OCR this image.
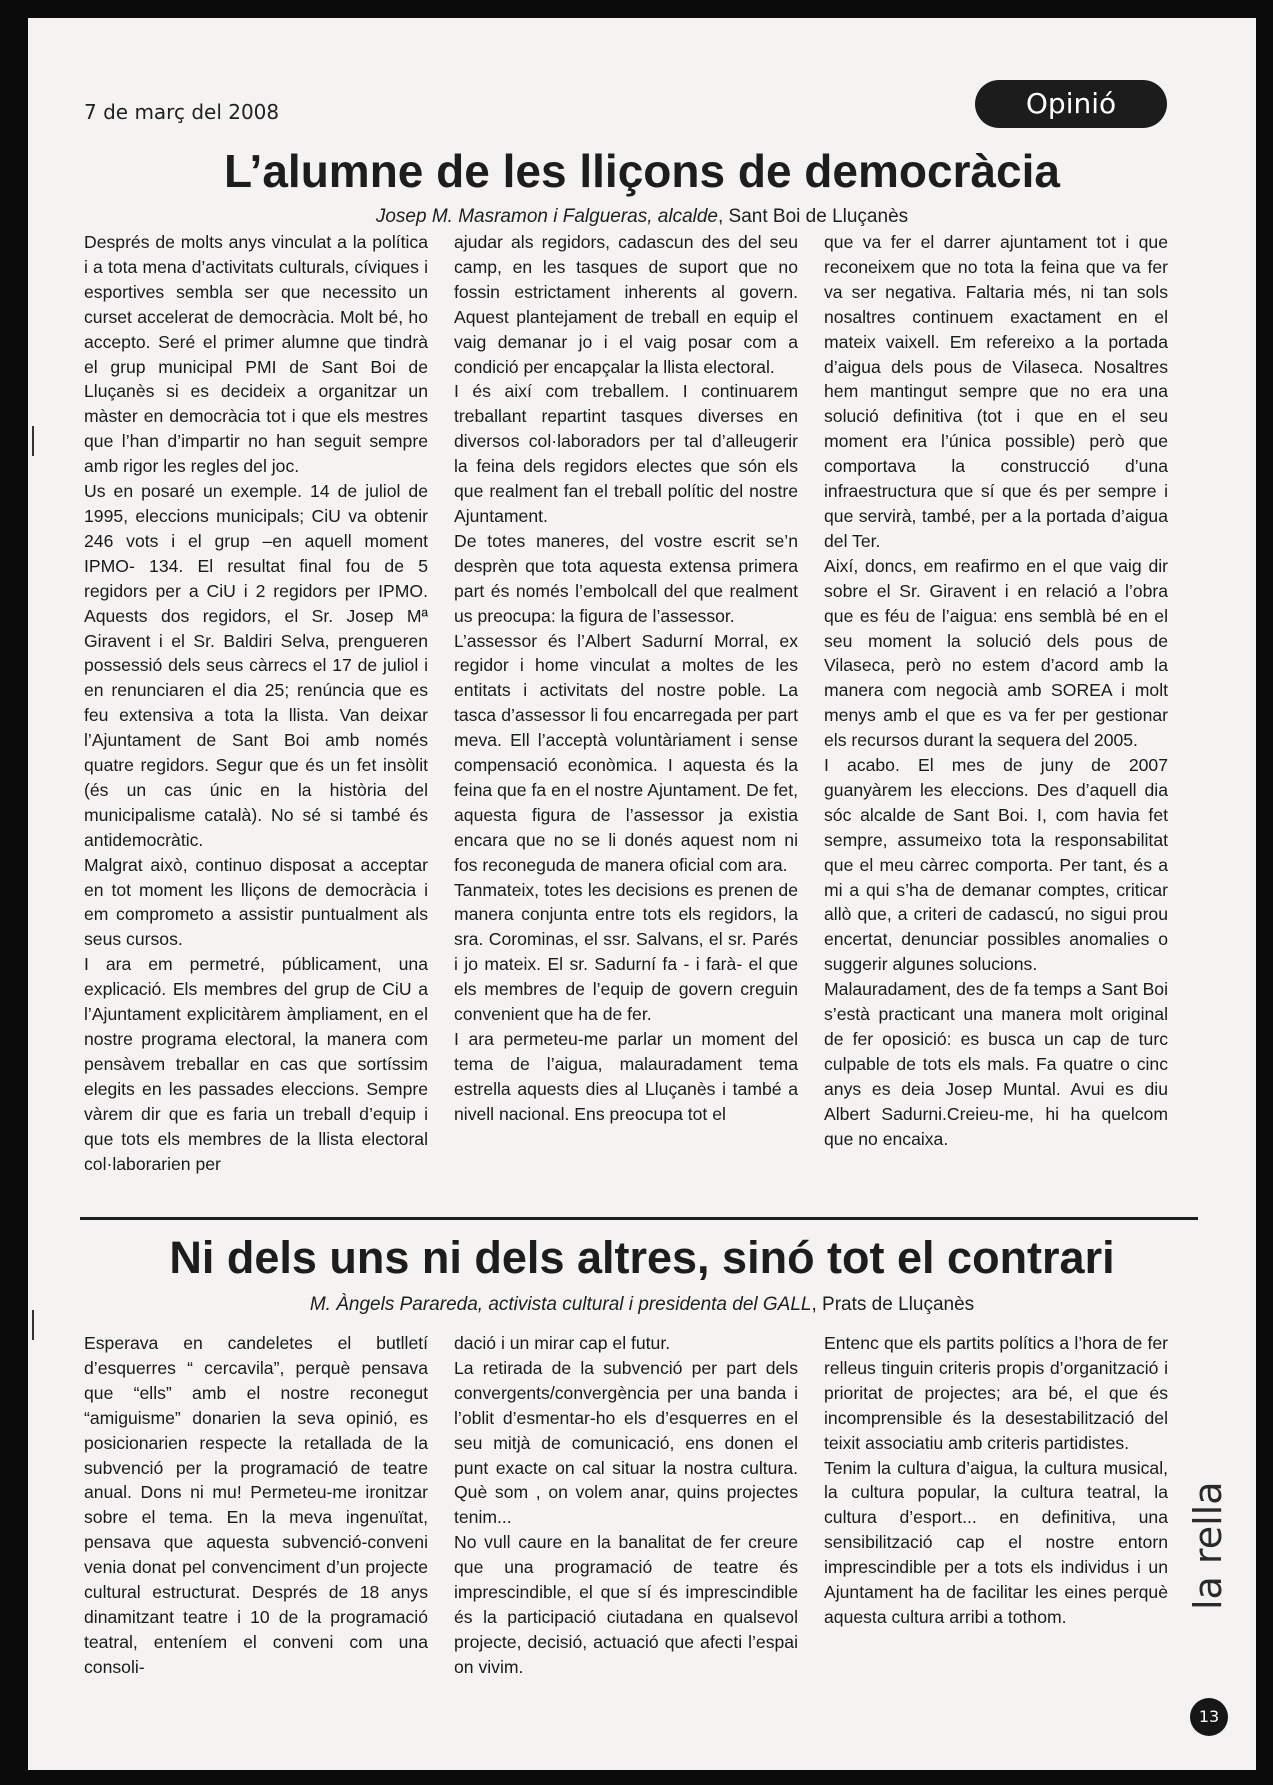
7 de març del 2008	Opinió
L’alumne de les lliçons de democràcia
Josep M. Masramon i Falgueras, alcalde, Sant Boi de Lluçanès

Després de molts anys vinculat a la política i a tota mena d’activitats culturals, cíviques i esportives sembla ser que necessito un curset accelerat de democràcia. Molt bé, ho accepto. Seré el primer alumne que tindrà el grup municipal PMI de Sant Boi de Lluçanès si es decideix a organitzar un màster en democràcia tot i que els mestres que l’han d’impartir no han seguit sempre amb rigor les regles del joc.

Us en posaré un exemple. 14 de juliol de 1995, eleccions municipals; CiU va obtenir 246 vots i el grup –en aquell moment IPMO- 134. El resultat final fou de 5 regidors per a CiU i 2 regidors per IPMO. Aquests dos regidors, el Sr. Josep Mª Giravent i el Sr. Baldiri Selva, prengueren possessió dels seus càrrecs el 17 de juliol i en renunciaren el dia 25; renúncia que es feu extensiva a tota la llista. Van deixar l’Ajuntament de Sant Boi amb només quatre regidors. Segur que és un fet insòlit (és un cas únic en la història del municipalisme català). No sé si també és antidemocràtic.

Malgrat això, continuo disposat a acceptar en tot moment les lliçons de democràcia i em comprometo a assistir puntualment als seus cursos.

I ara em permetré, públicament, una explicació. Els membres del grup de CiU a l’Ajuntament explicitàrem àmpliament, en el nostre programa electoral, la manera com pensàvem treballar en cas que sortíssim elegits en les passades eleccions. Sempre vàrem dir que es faria un treball d’equip i que tots els membres de la llista electoral col·laborarien per

ajudar als regidors, cadascun des del seu camp, en les tasques de suport que no fossin estrictament inherents al govern. Aquest plantejament de treball en equip el vaig demanar jo i el vaig posar com a condició per encapçalar la llista electoral.

I és així com treballem. I continuarem treballant repartint tasques diverses en diversos col·laboradors per tal d’alleugerir la feina dels regidors electes que són els que realment fan el treball polític del nostre Ajuntament.

De totes maneres, del vostre escrit se’n desprèn que tota aquesta extensa primera part és només l’embolcall del que realment us preocupa: la figura de l’assessor.

L’assessor és l’Albert Sadurní Morral, ex regidor i home vinculat a moltes de les entitats i activitats del nostre poble. La tasca d’assessor li fou encarregada per part meva. Ell l’acceptà voluntàriament i sense compensació econòmica. I aquesta és la feina que fa en el nostre Ajuntament. De fet, aquesta figura de l’assessor ja existia encara que no se li donés aquest nom ni fos reconeguda de manera oficial com ara.

Tanmateix, totes les decisions es prenen de manera conjunta entre tots els regidors, la sra. Corominas, el ssr. Salvans, el sr. Parés i jo mateix. El sr. Sadurní fa - i farà- el que els membres de l’equip de govern creguin convenient que ha de fer.

I ara permeteu-me parlar un moment del tema de l’aigua, malauradament tema estrella aquests dies al Lluçanès i també a nivell nacional. Ens preocupa tot el

que va fer el darrer ajuntament tot i que reconeixem que no tota la feina que va fer va ser negativa. Faltaria més, ni tan sols nosaltres continuem exactament en el mateix vaixell. Em refereixo a la portada d’aigua dels pous de Vilaseca. Nosaltres hem mantingut sempre que no era una solució definitiva (tot i que en el seu moment era l’única possible) però que comportava la construcció d’una infraestructura que sí que és per sempre i que servirà, també, per a la portada d’aigua del Ter.

Així, doncs, em reafirmo en el que vaig dir sobre el Sr. Giravent i en relació a l’obra que es féu de l’aigua: ens semblà bé en el seu moment la solució dels pous de Vilaseca, però no estem d’acord amb la manera com negocià amb SOREA i molt menys amb el que es va fer per gestionar els recursos durant la sequera del 2005.

I acabo. El mes de juny de 2007 guanyàrem les eleccions. Des d’aquell dia sóc alcalde de Sant Boi. I, com havia fet sempre, assumeixo tota la responsabilitat que el meu càrrec comporta. Per tant, és a mi a qui s’ha de demanar comptes, criticar allò que, a criteri de cadascú, no sigui prou encertat, denunciar possibles anomalies o suggerir algunes solucions.

Malauradament, des de fa temps a Sant Boi s’està practicant una manera molt original de fer oposició: es busca un cap de turc culpable de tots els mals. Fa quatre o cinc anys es deia Josep Muntal. Avui es diu Albert Sadurni.Creieu-me, hi ha quelcom que no encaixa.

Ni dels uns ni dels altres, sinó tot el contrari
M. Àngels Parareda, activista cultural i presidenta del GALL, Prats de Lluçanès

Esperava en candeletes el butlletí d’esquerres “ cercavila”, perquè pensava que “ells” amb el nostre reconegut “amiguisme” donarien la seva opinió, es posicionarien respecte la retallada de la subvenció per la programació de teatre anual. Dons ni mu! Permeteu-me ironitzar sobre el tema. En la meva ingenuïtat, pensava que aquesta subvenció-conveni venia donat pel convenciment d’un projecte cultural estructurat. Després de 18 anys dinamitzant teatre i 10 de la programació teatral, enteníem el conveni com una consoli-

dació i un mirar cap el futur.

La retirada de la subvenció per part dels convergents/convergència per una banda i l’oblit d’esmentar-ho els d’esquerres en el seu mitjà de comunicació, ens donen el punt exacte on cal situar la nostra cultura. Què som , on volem anar, quins projectes tenim...

No vull caure en la banalitat de fer creure que una programació de teatre és imprescindible, el que sí és imprescindible és la participació ciutadana en qualsevol projecte, decisió, actuació que afecti l’espai on vivim.

Entenc que els partits polítics a l’hora de fer relleus tinguin criteris propis d’organització i prioritat de projectes; ara bé, el que és incomprensible és la desestabilització del teixit associatiu amb criteris partidistes.

Tenim la cultura d’aigua, la cultura musical, la cultura popular, la cultura teatral, la cultura d’esport... en definitiva, una sensibilització cap el nostre entorn imprescindible per a tots els individus i un Ajuntament ha de facilitar les eines perquè aquesta cultura arribi a tothom.

la rella
13
